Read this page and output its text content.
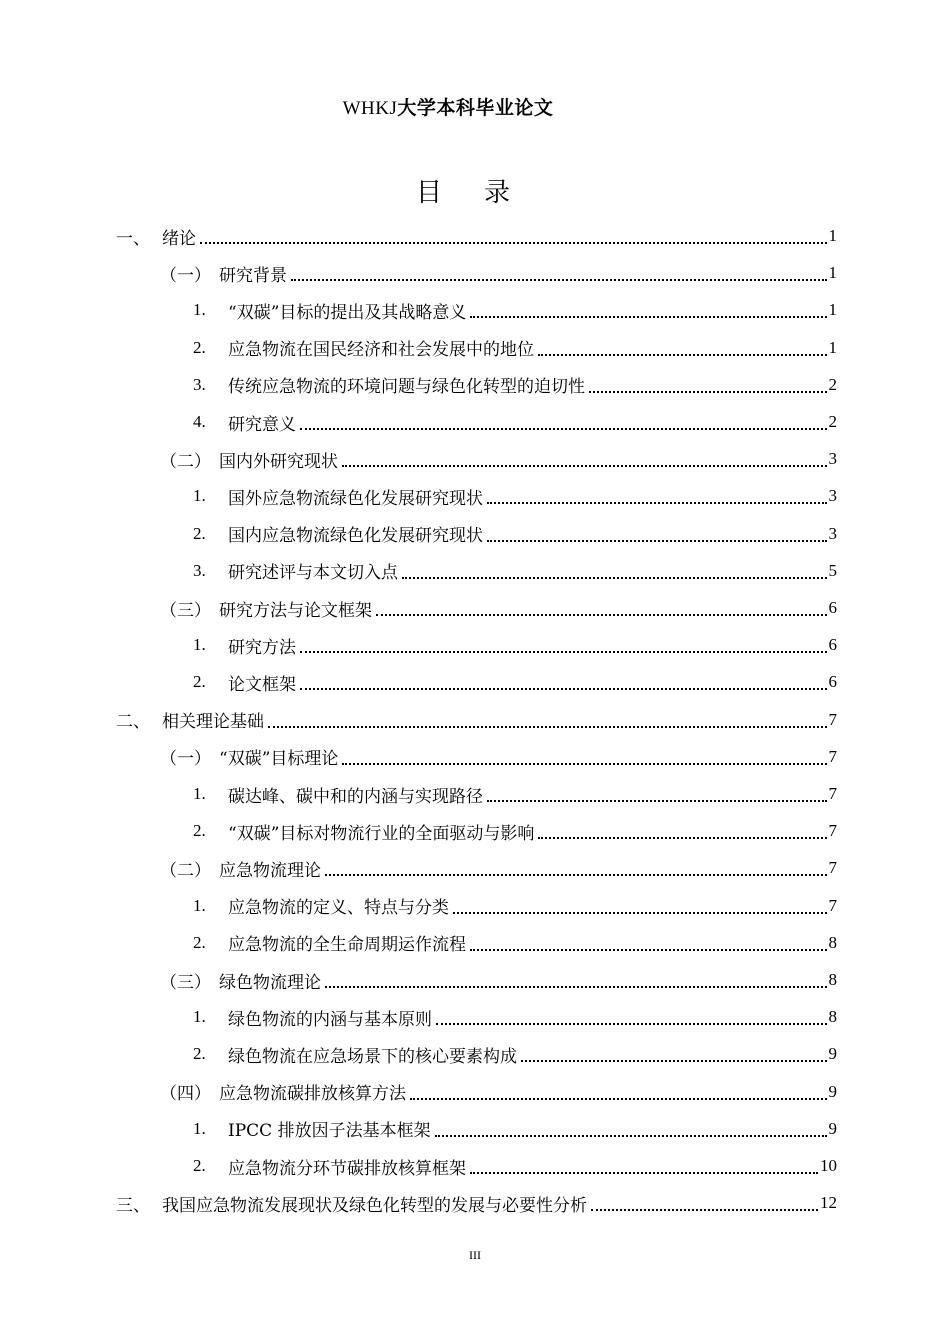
WHKJ大学本科毕业论文
目录
一、 绪论	1
（一） 研究背景	1
1.	“双碳”目标的提出及其战略意义	1
2.	应急物流在国民经济和社会发展中的地位	1
3.	传统应急物流的环境问题与绿色化转型的迫切性	2
4.	研究意义	2
（二） 国内外研究现状	3
1.	国外应急物流绿色化发展研究现状	3
2.	国内应急物流绿色化发展研究现状	3
3.	研究述评与本文切入点	5
（三） 研究方法与论文框架	6
1.	研究方法	6
2.	论文框架	6
二、 相关理论基础	7
（一） “双碳”目标理论	7
1.	碳达峰、碳中和的内涵与实现路径	7
2.	“双碳”目标对物流行业的全面驱动与影响	7
（二） 应急物流理论	7
1.	应急物流的定义、特点与分类	7
2.	应急物流的全生命周期运作流程	8
（三） 绿色物流理论	8
1.	绿色物流的内涵与基本原则	8
2.	绿色物流在应急场景下的核心要素构成	9
（四） 应急物流碳排放核算方法	9
1.	IPCC 排放因子法基本框架	9
2.	应急物流分环节碳排放核算框架	10
三、 我国应急物流发展现状及绿色化转型的发展与必要性分析	12
III
